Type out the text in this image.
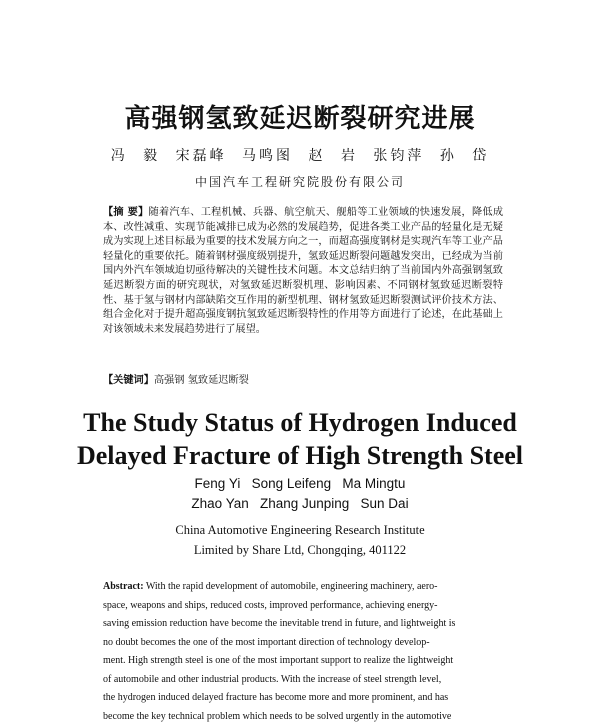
高强钢氢致延迟断裂研究进展
冯 毅 宋磊峰 马鸣图 赵 岩 张钧萍 孙 岱
中国汽车工程研究院股份有限公司

【摘 要】随着汽车、工程机械、兵器、航空航天、舰船等工业领域的快速发展，降低成本、改性减重、实现节能减排已成为必然的发展趋势，促进各类工业产品的轻量化是无疑成为实现上述目标最为重要的技术发展方向之一，而超高强度钢材是实现汽车等工业产品轻量化的重要依托。随着钢材强度级别提升，氢致延迟断裂问题越发突出，已经成为当前国内外汽车领域迫切亟待解决的关键性技术问题。本文总结归纳了当前国内外高强钢氢致延迟断裂方面的研究现状，对氢致延迟断裂机理、影响因素、不同钢材氢致延迟断裂特性、基于氢与钢材内部缺陷交互作用的新型机理、钢材氢致延迟断裂测试评价技术方法、组合金化对于提升超高强度钢抗氢致延迟断裂特性的作用等方面进行了论述，在此基础上对该领域未来发展趋势进行了展望。

【关键词】高强钢 氢致延迟断裂

The Study Status of Hydrogen Induced
Delayed Fracture of High Strength Steel
Feng Yi   Song Leifeng   Ma Mingtu
Zhao Yan   Zhang Junping   Sun Dai
China Automotive Engineering Research Institute
Limited by Share Ltd, Chongqing, 401122

Abstract: With the rapid development of automobile, engineering machinery, aero-
space, weapons and ships, reduced costs, improved performance, achieving energy-
saving emission reduction have become the inevitable trend in future, and lightweight is
no doubt becomes the one of the most important direction of technology develop-
ment. High strength steel is one of the most important support to realize the lightweight
of automobile and other industrial products. With the increase of steel strength level,
the hydrogen induced delayed fracture has become more and more prominent, and has
become the key technical problem which needs to be solved urgently in the automotive
